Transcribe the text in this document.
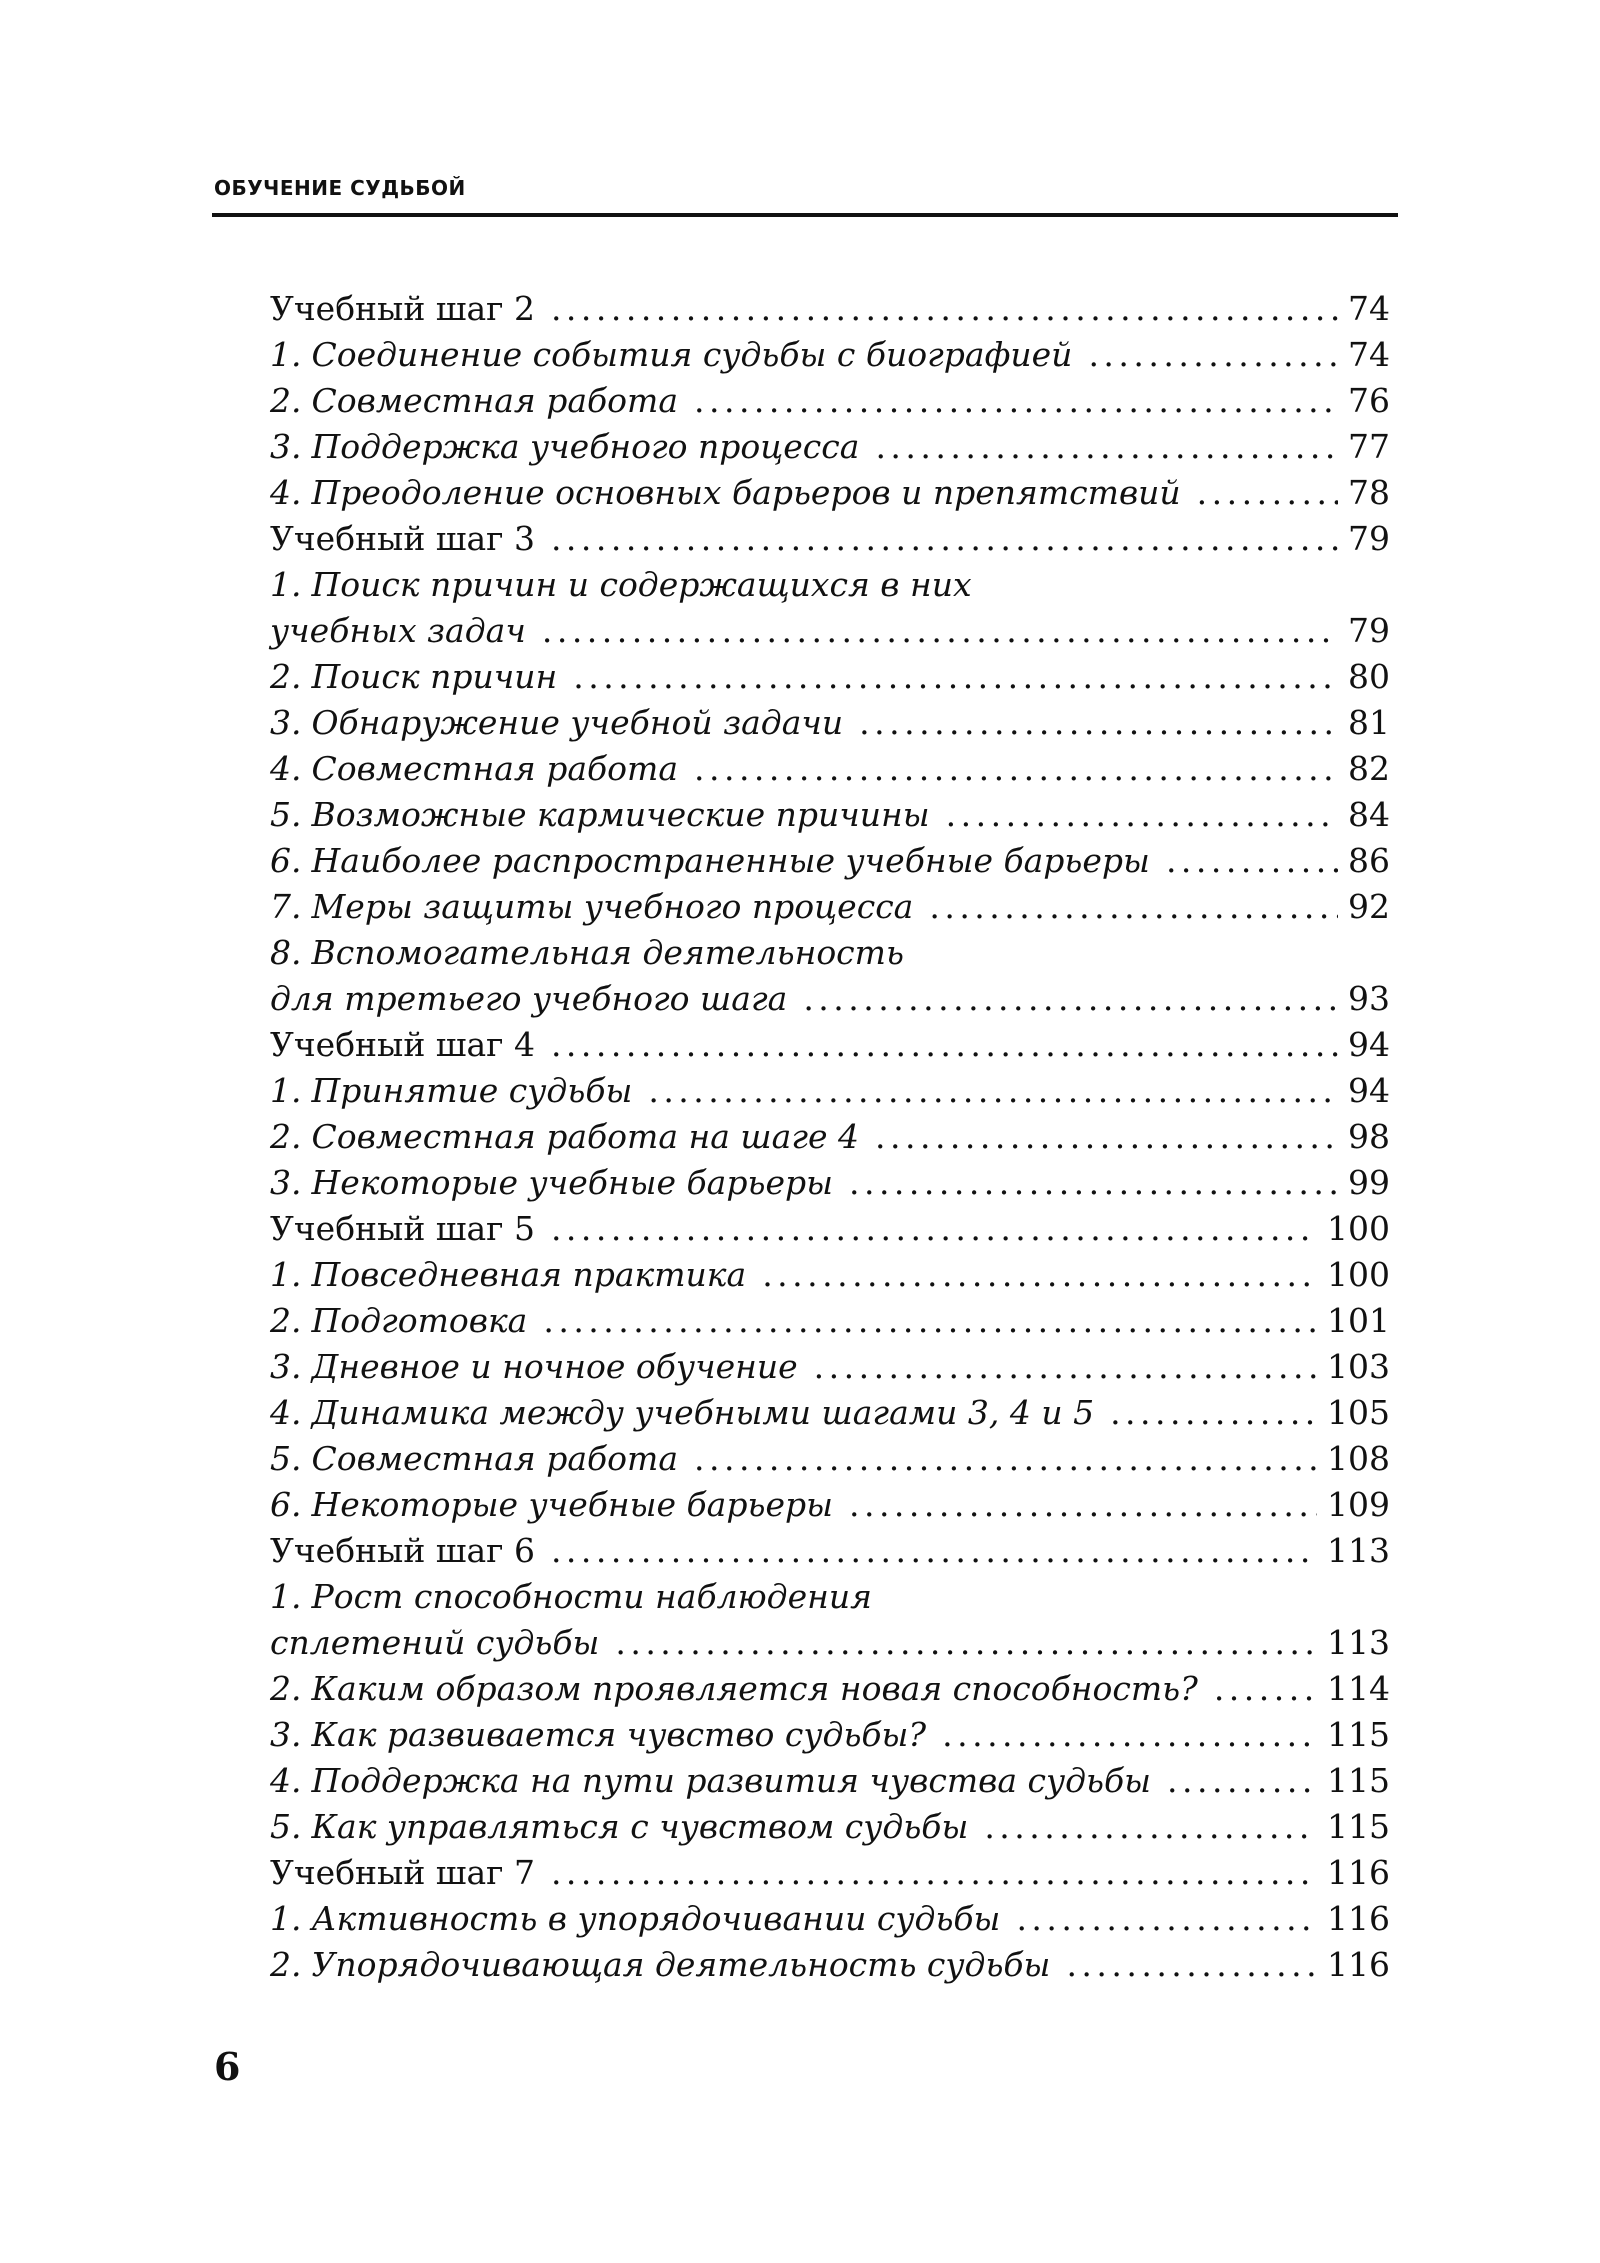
ОБУЧЕНИЕ СУДЬБОЙ
Учебный шаг 2 . . .	74
1. Соединение события судьбы с биографией . . .	74
2. Совместная работа . . .	76
3. Поддержка учебного процесса . . .	77
4. Преодоление основных барьеров и препятствий . . .	78
Учебный шаг 3 . . .	79
1. Поиск причин и содержащихся в них
учебных задач . . .	79
2. Поиск причин . . .	80
3. Обнаружение учебной задачи . . .	81
4. Совместная работа . . .	82
5. Возможные кармические причины . . .	84
6. Наиболее распространенные учебные барьеры . . .	86
7. Меры защиты учебного процесса . . .	92
8. Вспомогательная деятельность
для третьего учебного шага . . .	93
Учебный шаг 4 . . .	94
1. Принятие судьбы . . .	94
2. Совместная работа на шаге 4 . . .	98
3. Некоторые учебные барьеры . . .	99
Учебный шаг 5 . . .	100
1. Повседневная практика . . .	100
2. Подготовка . . .	101
3. Дневное и ночное обучение . . .	103
4. Динамика между учебными шагами 3, 4 и 5 . . .	105
5. Совместная работа . . .	108
6. Некоторые учебные барьеры . . .	109
Учебный шаг 6 . . .	113
1. Рост способности наблюдения
сплетений судьбы . . .	113
2. Каким образом проявляется новая способность? . . .	114
3. Как развивается чувство судьбы? . . .	115
4. Поддержка на пути развития чувства судьбы . . .	115
5. Как управляться с чувством судьбы . . .	115
Учебный шаг 7 . . .	116
1. Активность в упорядочивании судьбы . . .	116
2. Упорядочивающая деятельность судьбы . . .	116
6
